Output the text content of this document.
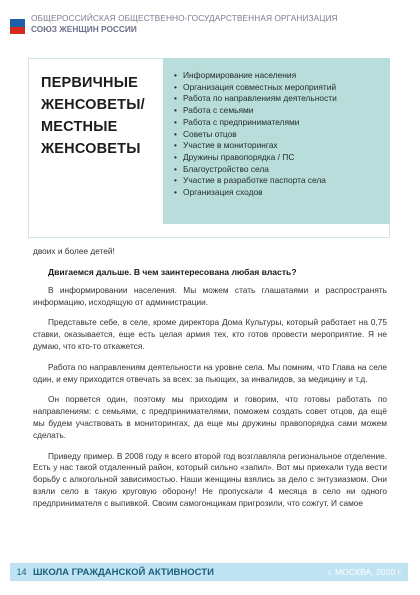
ОБЩЕРОССИЙСКАЯ ОБЩЕСТВЕННО-ГОСУДАРСТВЕННАЯ ОРГАНИЗАЦИЯ
СОЮЗ ЖЕНЩИН РОССИИ
ПЕРВИЧНЫЕ
ЖЕНСОВЕТЫ/
МЕСТНЫЕ
ЖЕНСОВЕТЫ
• Информирование населения
• Организация совместных мероприятий
• Работа по направлениям деятельности
• Работа с семьями
• Работа с предпринимателями
• Советы отцов
• Участие в мониторингах
• Дружины правопорядка / ПС
• Благоустройство села
• Участие в разработке паспорта села
• Организация сходов

двоих и более детей!

Двигаемся дальше. В чем заинтересована любая власть?

В информировании населения. Мы можем стать глашатаями и распространять информацию, исходящую от администрации.

Представьте себе, в селе, кроме директора Дома Культуры, который работает на 0,75 ставки, оказывается, еще есть целая армия тех, кто готов провести мероприятие. Я не думаю, что кто-то откажется.

Работа по направлениям деятельности на уровне села. Мы помним, что Глава на селе один, и ему приходится отвечать за всех: за пьющих, за инвалидов, за медицину и т.д.

Он порвется один, поэтому мы приходим и говорим, что готовы работать по направлениям: с семьями, с предпринимателями, поможем создать совет отцов, да ещё мы будем участвовать в мониторингах, да еще мы дружины правопорядка сами можем сделать.

Приведу пример. В 2008 году я всего второй год возглавляла региональное отделение. Есть у нас такой отдаленный район, который сильно «запил». Вот мы приехали туда вести борьбу с алкогольной зависимостью. Наши женщины взялись за дело с энтузиазмом. Они взяли село в такую круговую оборону! Не пропускали 4 месяца в село ни одного предпринимателя с выпивкой. Своим самогонщикам пригрозили, что сожгут. И самое

14 ШКОЛА ГРАЖДАНСКОЙ АКТИВНОСТИ	г. МОСКВА, 2020 г.
